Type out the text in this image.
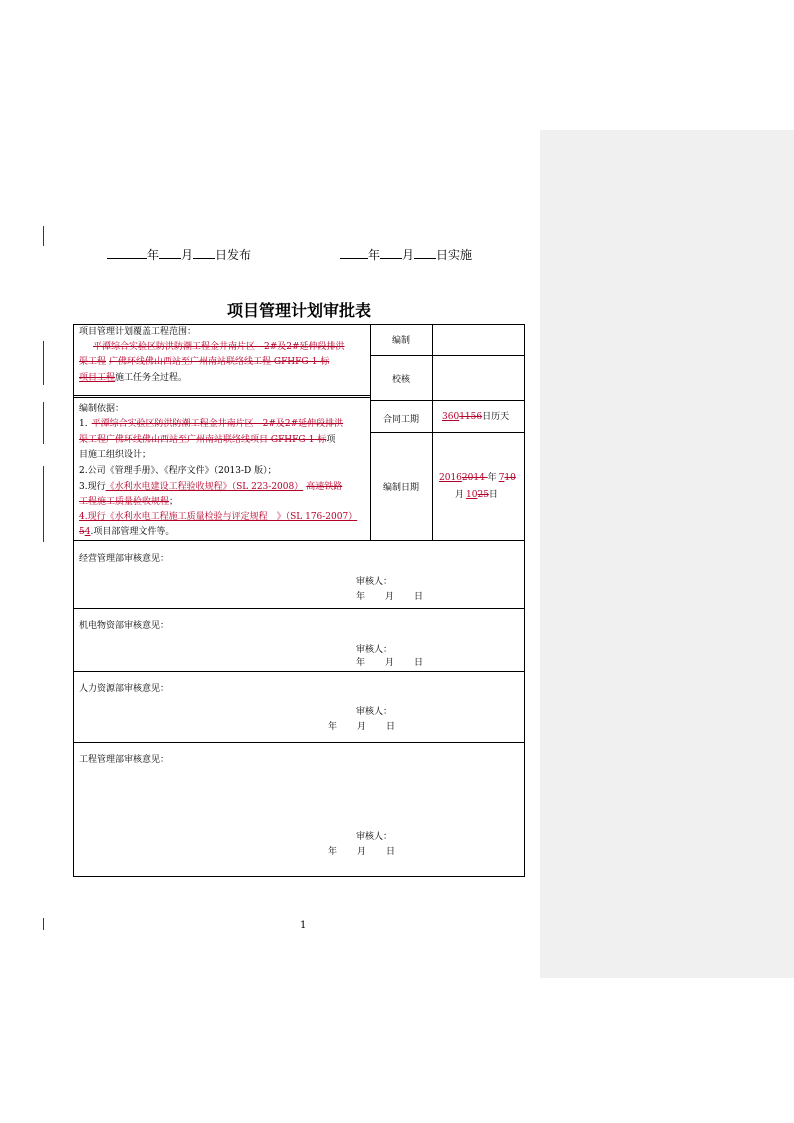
年 月 日发布	年 月 日实施
项目管理计划审批表
项目管理计划覆盖工程范围：
平潭综合实验区防洪防潮工程金井南片区　2#及2#延伸段排洪
渠工程 广佛环线佛山西站至广州南站联络线工程 GFHFG-1 标
项目工程施工任务全过程。
编制
校核
合同工期	3601156日历天
编制日期
20162014 年 710
月 1025日
编制依据：
1. 平潭综合实验区防洪防潮工程金井南片区　2#及2#延伸段排洪
渠工程广佛环线佛山西站至广州南站联络线项目 GFHFG-1 标项
目施工组织设计；
2.公司《管理手册》、《程序文件》（2013-D 版）；
3.现行《水利水电建设工程验收规程》（SL 223-2008） 高速铁路
工程施工质量验收规程；
4.现行《水利水电工程施工质量检验与评定规程　》（SL 176-2007）
54.项目部管理文件等。
经营管理部审核意见：
审核人：
年 月 日
机电物资部审核意见：
审核人：
年 月 日
人力资源部审核意见：
审核人：
年 月 日
工程管理部审核意见：
审核人：
年 月 日
1
